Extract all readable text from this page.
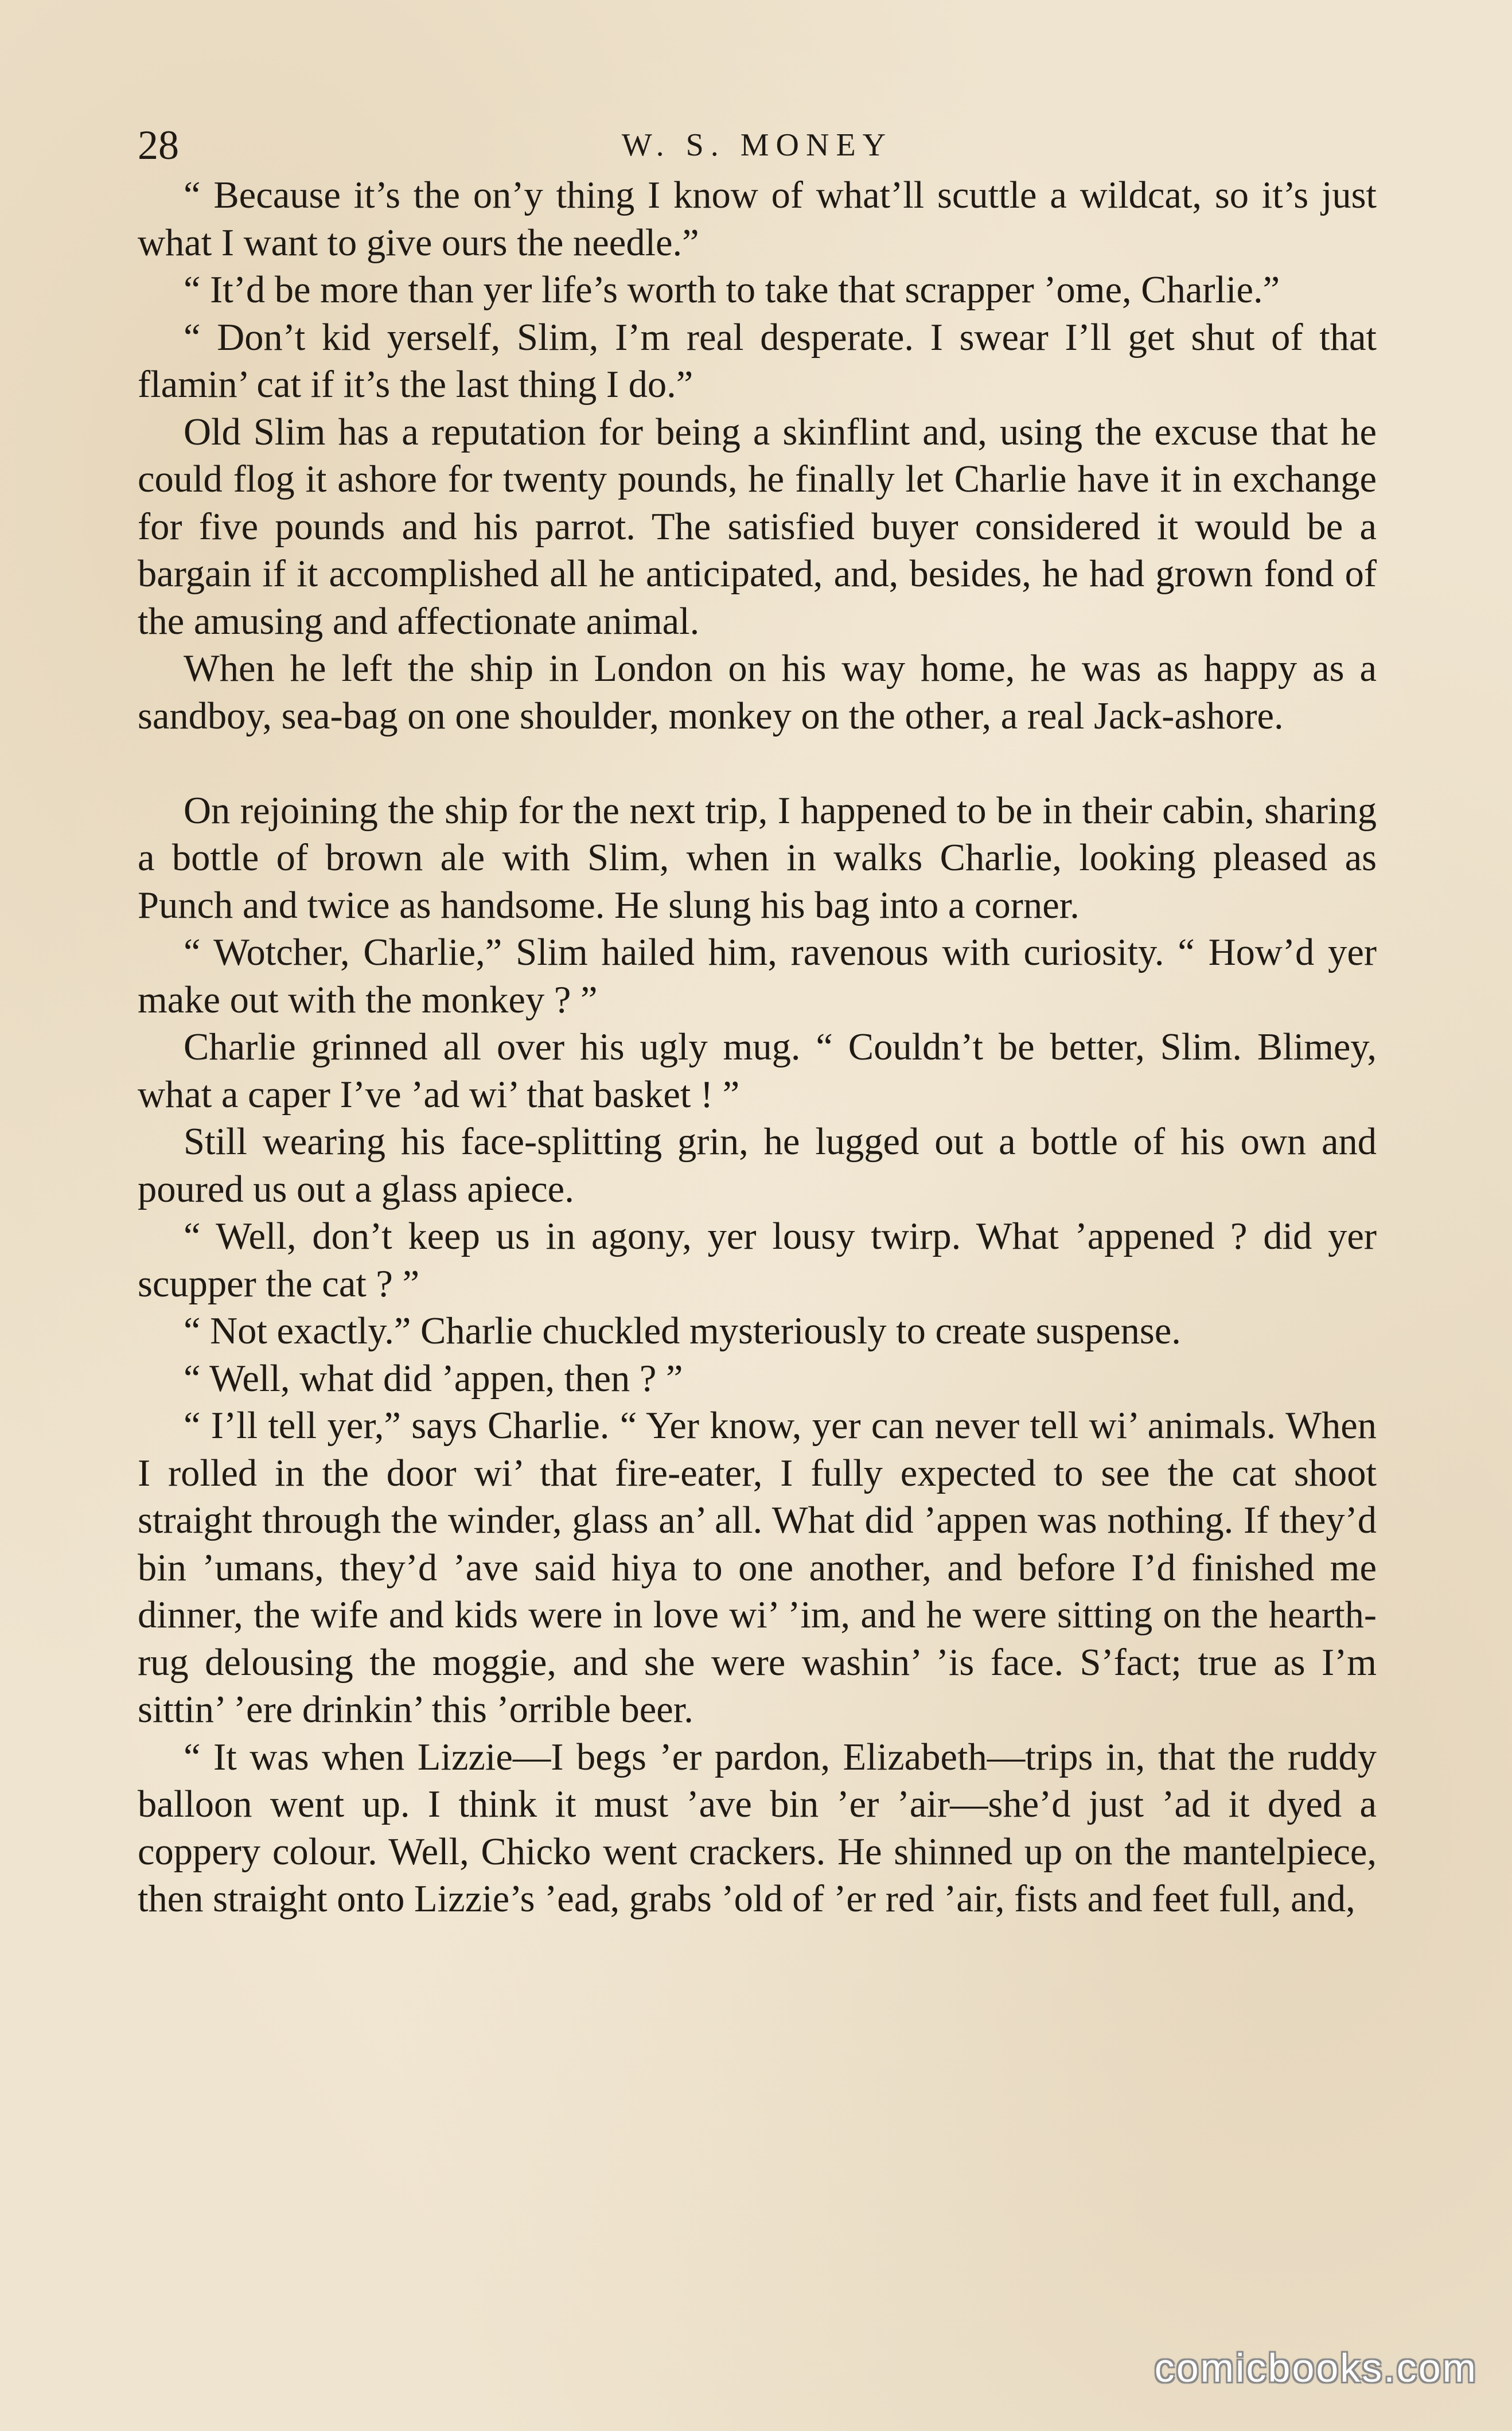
28	W. S. MONEY

“ Because it’s the on’y thing I know of what’ll scuttle a wildcat, so it’s just what I want to give ours the needle.”

“ It’d be more than yer life’s worth to take that scrapper ’ome, Charlie.”

“ Don’t kid yerself, Slim, I’m real desperate. I swear I’ll get shut of that flamin’ cat if it’s the last thing I do.”

Old Slim has a reputation for being a skinflint and, using the excuse that he could flog it ashore for twenty pounds, he finally let Charlie have it in exchange for five pounds and his parrot. The satisfied buyer considered it would be a bargain if it accomplished all he anticipated, and, besides, he had grown fond of the amusing and affectionate animal.

When he left the ship in London on his way home, he was as happy as a sandboy, sea-bag on one shoulder, monkey on the other, a real Jack-ashore.

On rejoining the ship for the next trip, I happened to be in their cabin, sharing a bottle of brown ale with Slim, when in walks Charlie, looking pleased as Punch and twice as handsome. He slung his bag into a corner.

“ Wotcher, Charlie,” Slim hailed him, ravenous with curiosity. “ How’d yer make out with the monkey ? ”

Charlie grinned all over his ugly mug. “ Couldn’t be better, Slim. Blimey, what a caper I’ve ’ad wi’ that basket ! ”

Still wearing his face-splitting grin, he lugged out a bottle of his own and poured us out a glass apiece.

“ Well, don’t keep us in agony, yer lousy twirp. What ’appened ? did yer scupper the cat ? ”

“ Not exactly.” Charlie chuckled mysteriously to create suspense.

“ Well, what did ’appen, then ? ”

“ I’ll tell yer,” says Charlie. “ Yer know, yer can never tell wi’ animals. When I rolled in the door wi’ that fire-eater, I fully expected to see the cat shoot straight through the winder, glass an’ all. What did ’appen was nothing. If they’d bin ’umans, they’d ’ave said hiya to one another, and before I’d finished me dinner, the wife and kids were in love wi’ ’im, and he were sitting on the hearth-rug delousing the moggie, and she were washin’ ’is face. S’fact; true as I’m sittin’ ’ere drinkin’ this ’orrible beer.

“ It was when Lizzie—I begs ’er pardon, Elizabeth—trips in, that the ruddy balloon went up. I think it must ’ave bin ’er ’air—she’d just ’ad it dyed a coppery colour. Well, Chicko went crackers. He shinned up on the mantelpiece, then straight onto Lizzie’s ’ead, grabs ’old of ’er red ’air, fists and feet full, and,

comicbooks.com
